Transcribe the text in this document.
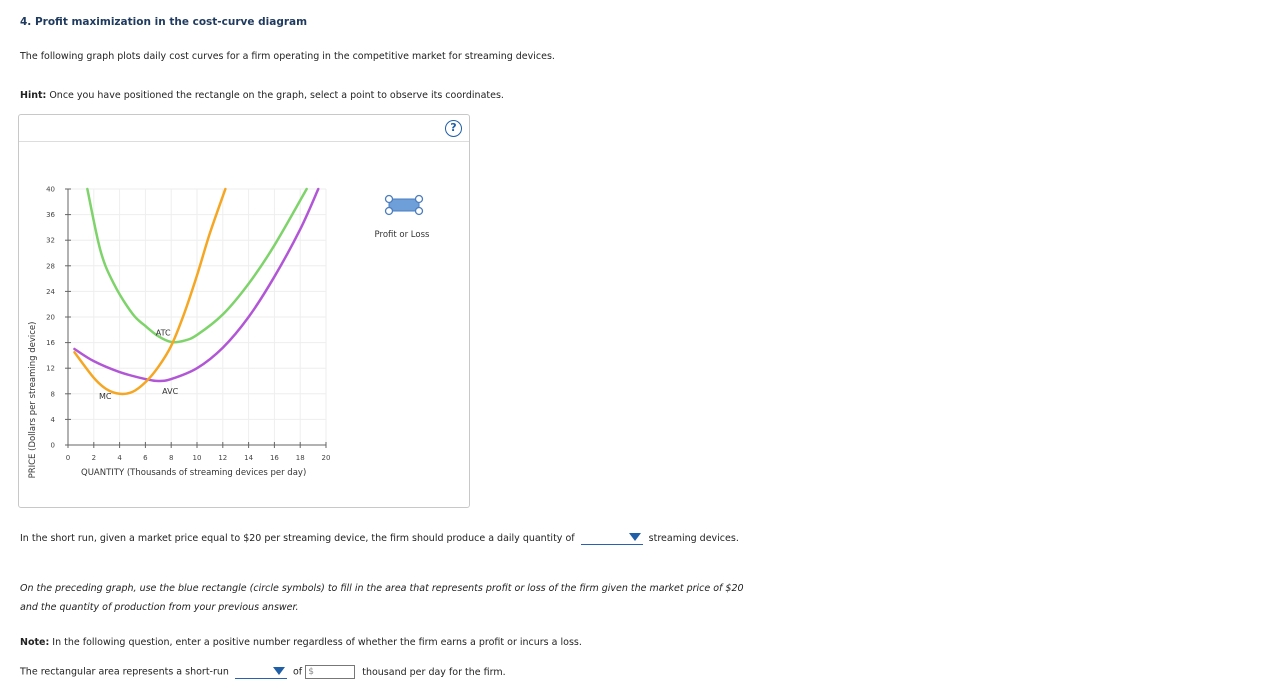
4. Profit maximization in the cost-curve diagram
The following graph plots daily cost curves for a firm operating in the competitive market for streaming devices.
Hint: Once you have positioned the rectangle on the graph, select a point to observe its coordinates.
?
0	2	4	6	8	10 12 14 16 18 20
0
4
8
12
16
20
24
28
32
36
40
ATC
MC
AVC
QUANTITY (Thousands of streaming devices per day)
PRICE (Dollars per streaming device)
Profit or Loss
In the short run, given a market price equal to $20 per streaming device, the firm should produce a daily quantity of	streaming devices.
On the preceding graph, use the blue rectangle (circle symbols) to fill in the area that represents profit or loss of the firm given the market price of $20 and the quantity of production from your previous answer.
Note: In the following question, enter a positive number regardless of whether the firm earns a profit or incurs a loss.
The rectangular area represents a short-run	of $	thousand per day for the firm.
